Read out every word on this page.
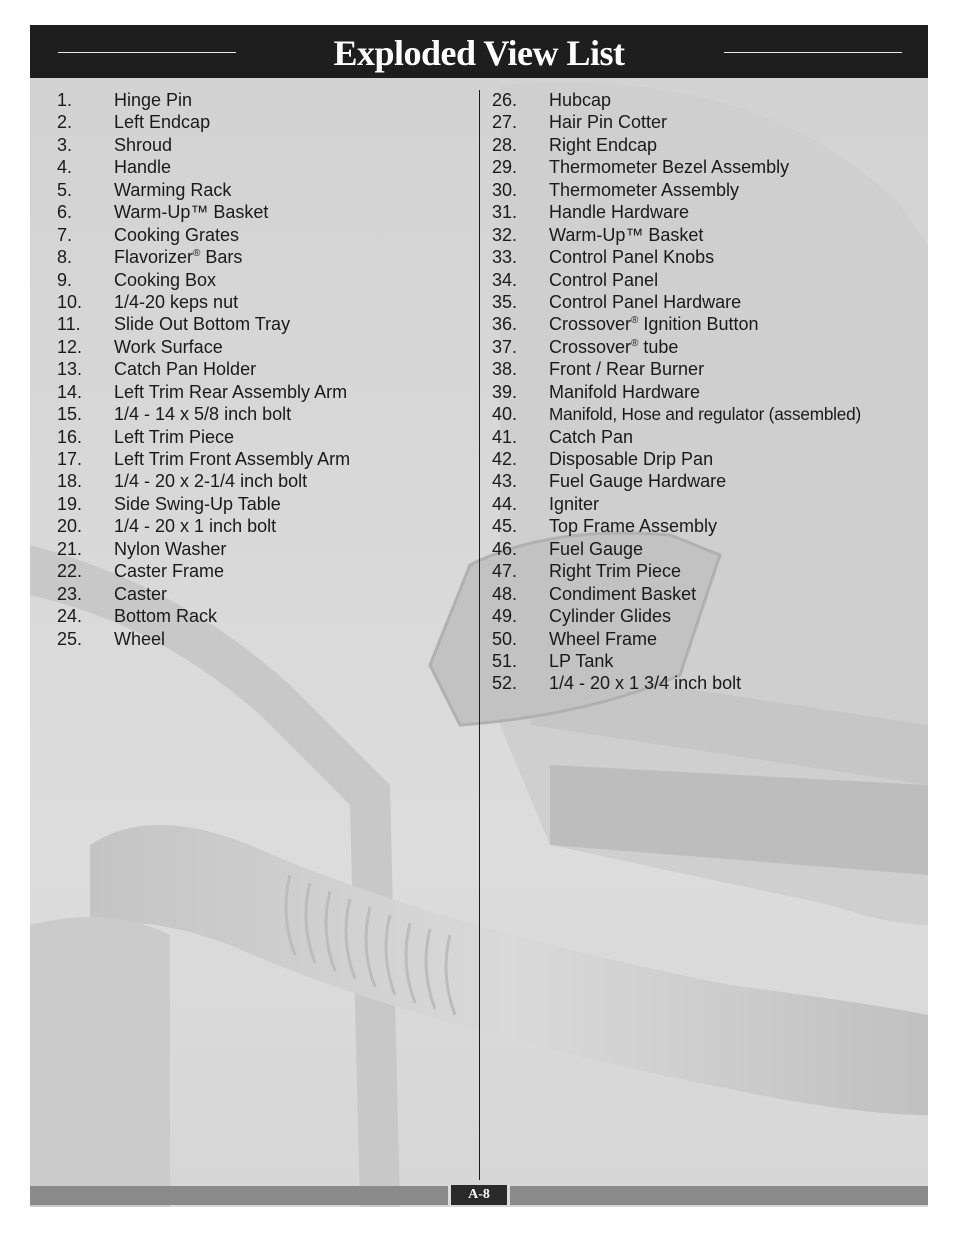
Exploded View List
1. Hinge Pin
2. Left Endcap
3. Shroud
4. Handle
5. Warming Rack
6. Warm-Up™ Basket
7. Cooking Grates
8. Flavorizer® Bars
9. Cooking Box
10. 1/4-20 keps nut
11. Slide Out Bottom Tray
12. Work Surface
13. Catch Pan Holder
14. Left Trim Rear Assembly Arm
15. 1/4 - 14 x 5/8 inch bolt
16. Left Trim Piece
17. Left Trim Front Assembly Arm
18. 1/4 - 20 x 2-1/4 inch bolt
19. Side Swing-Up Table
20. 1/4 - 20 x 1 inch bolt
21. Nylon Washer
22. Caster Frame
23. Caster
24. Bottom Rack
25. Wheel
26. Hubcap
27. Hair Pin Cotter
28. Right Endcap
29. Thermometer Bezel Assembly
30. Thermometer Assembly
31. Handle Hardware
32. Warm-Up™ Basket
33. Control Panel Knobs
34. Control Panel
35. Control Panel Hardware
36. Crossover® Ignition Button
37. Crossover® tube
38. Front / Rear Burner
39. Manifold Hardware
40. Manifold, Hose and regulator (assembled)
41. Catch Pan
42. Disposable Drip Pan
43. Fuel Gauge Hardware
44. Igniter
45. Top Frame Assembly
46. Fuel Gauge
47. Right Trim Piece
48. Condiment Basket
49. Cylinder Glides
50. Wheel Frame
51. LP Tank
52. 1/4 - 20 x 1 3/4 inch bolt
A-8
